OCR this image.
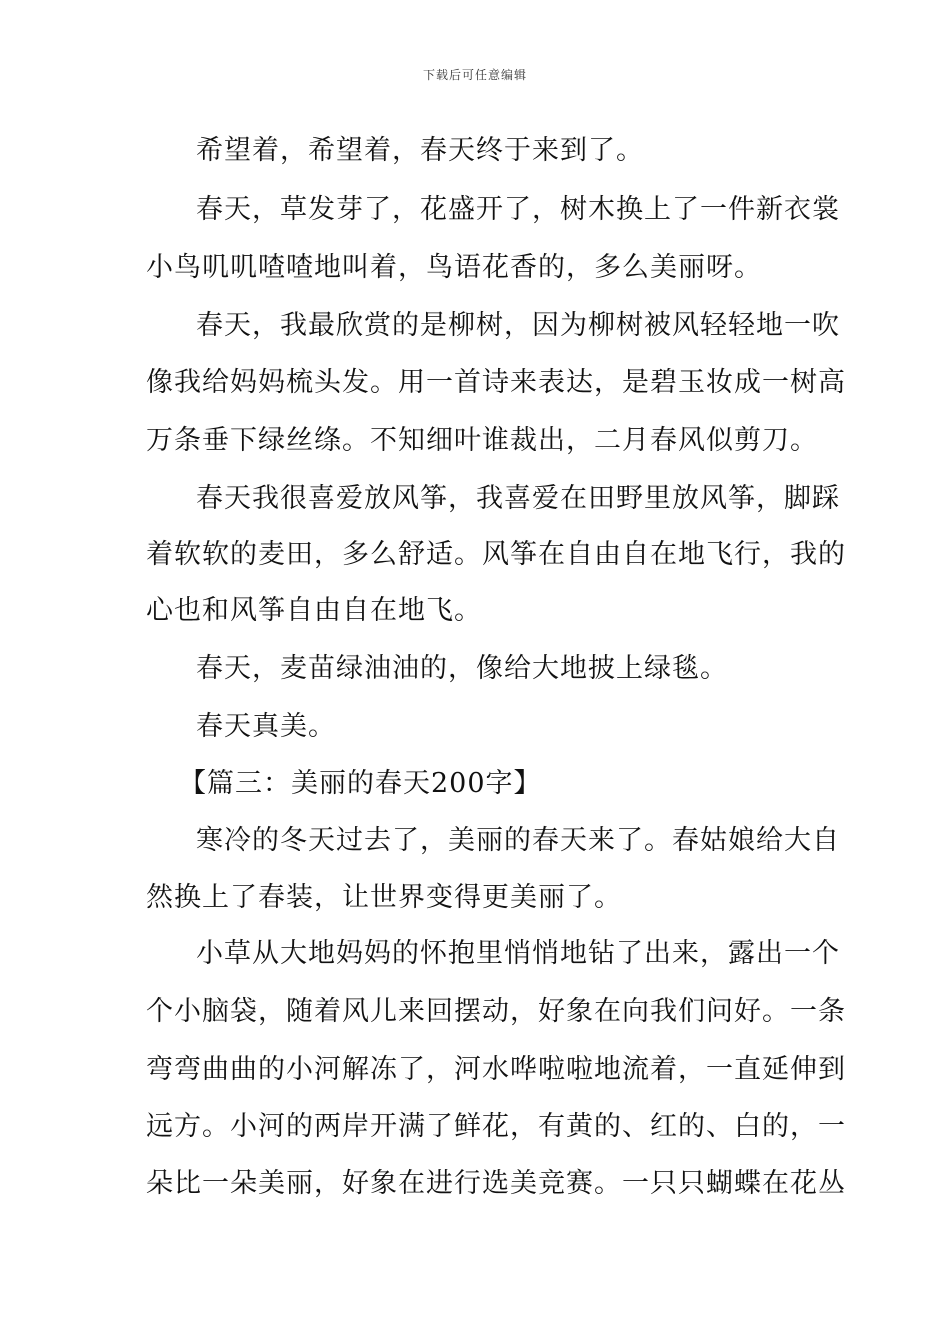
下载后可任意编辑
希望着，希望着，春天终于来到了。
春天，草发芽了，花盛开了，树木换上了一件新衣裳
小鸟叽叽喳喳地叫着，鸟语花香的，多么美丽呀。
春天，我最欣赏的是柳树，因为柳树被风轻轻地一吹
像我给妈妈梳头发。用一首诗来表达，是碧玉妆成一树高
万条垂下绿丝绦。不知细叶谁裁出，二月春风似剪刀。
春天我很喜爱放风筝，我喜爱在田野里放风筝，脚踩
着软软的麦田，多么舒适。风筝在自由自在地飞行，我的
心也和风筝自由自在地飞。
春天，麦苗绿油油的，像给大地披上绿毯。
春天真美。
【篇三：美丽的春天200字】
寒冷的冬天过去了，美丽的春天来了。春姑娘给大自
然换上了春装，让世界变得更美丽了。
小草从大地妈妈的怀抱里悄悄地钻了出来，露出一个
个小脑袋，随着风儿来回摆动，好象在向我们问好。一条
弯弯曲曲的小河解冻了，河水哗啦啦地流着，一直延伸到
远方。小河的两岸开满了鲜花，有黄的、红的、白的，一
朵比一朵美丽，好象在进行选美竞赛。一只只蝴蝶在花丛
